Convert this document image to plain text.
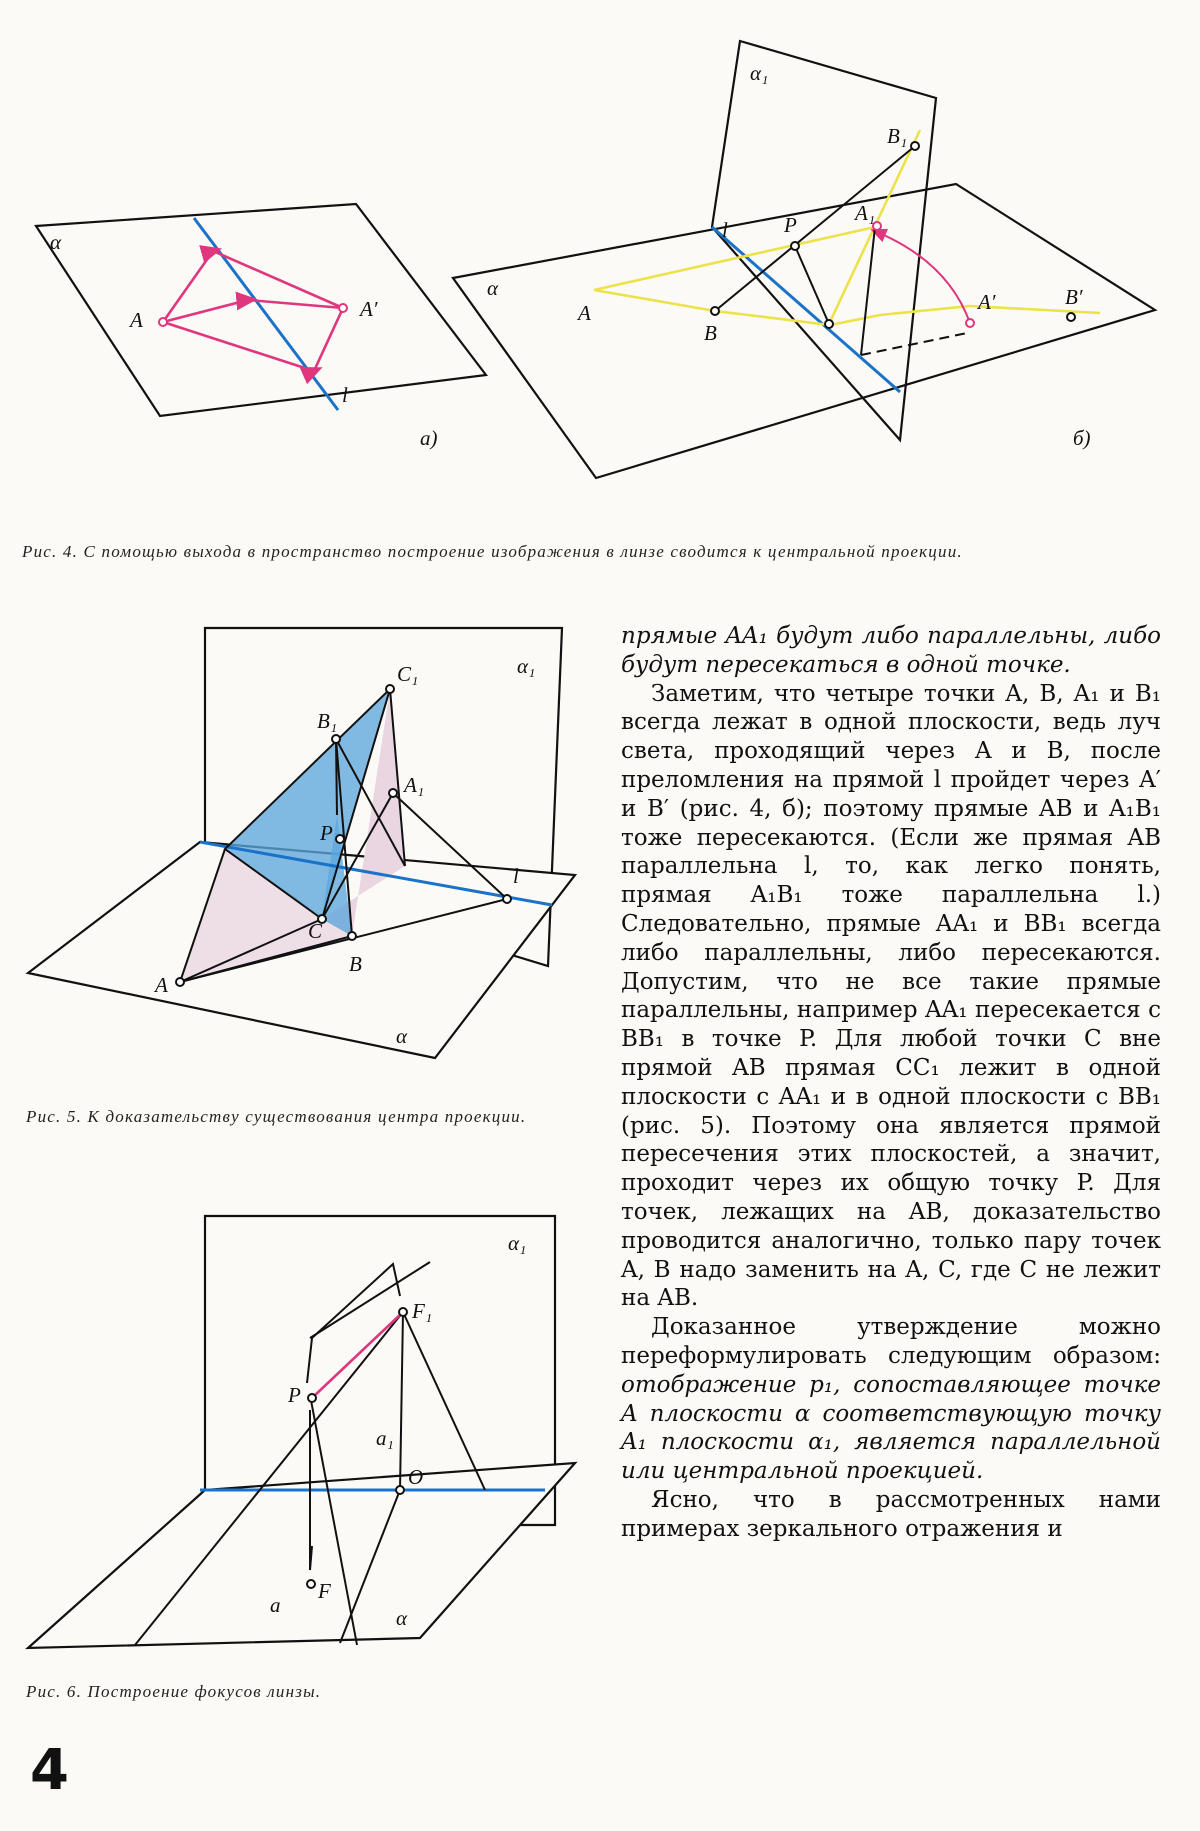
α
A	A′
l
а)
α
α₁
A
B
P	A₁
B₁
A′	B′
l
б)
C₁	α₁
B₁
A₁
P
l
C
B
A
α
α₁
F₁
P
a₁
O
a
F
α

Рис. 4. С помощью выхода в пространство построение изображения в линзе сводится к центральной проекции.

Рис. 5. К доказательству существования центра проекции.

Рис. 6. Построение фокусов линзы.

прямые AA₁ будут либо параллельны, либо будут пересекаться в одной точке.

Заметим, что четыре точки A, B, A₁ и B₁ всегда лежат в одной плоскости, ведь луч света, проходящий через A и B, после преломления на прямой l пройдет через A′ и B′ (рис. 4, б); поэтому прямые AB и A₁B₁ тоже пересекаются. (Если же прямая AB параллельна l, то, как легко понять, прямая A₁B₁ тоже параллельна l.) Следовательно, прямые AA₁ и BB₁ всегда либо параллельны, либо пересекаются. Допустим, что не все такие прямые параллельны, например AA₁ пересекается с BB₁ в точке P. Для любой точки C вне прямой AB прямая CC₁ лежит в одной плоскости с AA₁ и в одной плоскости с BB₁ (рис. 5). Поэтому она является прямой пересечения этих плоскостей, а значит, проходит через их общую точку P. Для точек, лежащих на AB, доказательство проводится аналогично, только пару точек A, B надо заменить на A, C, где C не лежит на AB.

Доказанное утверждение можно переформулировать следующим образом: отображение p₁, сопоставляющее точке A плоскости α соответствующую точку A₁ плоскости α₁, является параллельной или центральной проекцией.

Ясно, что в рассмотренных нами примерах зеркального отражения и

4
